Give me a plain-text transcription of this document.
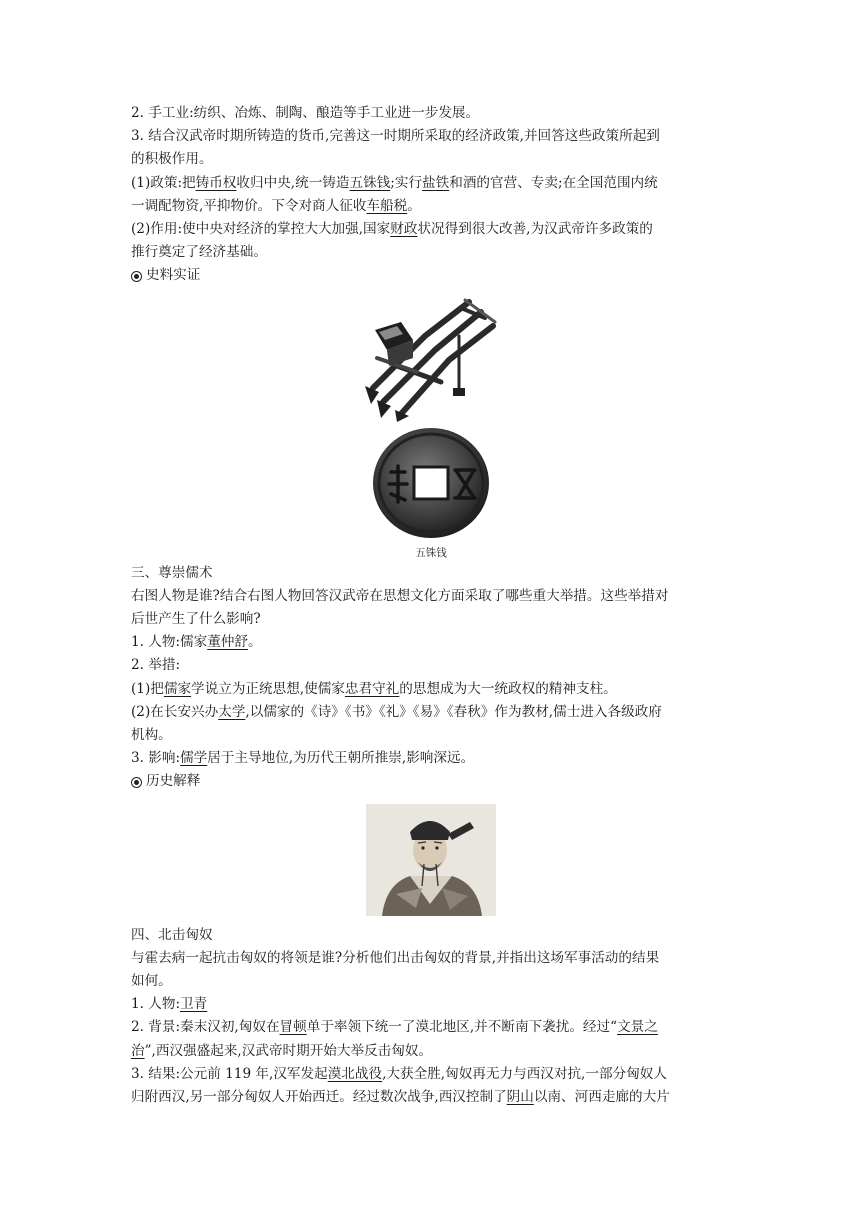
2. 手工业:纺织、冶炼、制陶、酿造等手工业进一步发展。
3. 结合汉武帝时期所铸造的货币,完善这一时期所采取的经济政策,并回答这些政策所起到
的积极作用。
(1)政策:把铸币权收归中央,统一铸造五铢钱;实行盐铁和酒的官营、专卖;在全国范围内统
一调配物资,平抑物价。下令对商人征收车船税。
(2)作用:使中央对经济的掌控大大加强,国家财政状况得到很大改善,为汉武帝许多政策的
推行奠定了经济基础。
史料实证
五铢钱
三、尊崇儒术
右图人物是谁?结合右图人物回答汉武帝在思想文化方面采取了哪些重大举措。这些举措对
后世产生了什么影响?
1. 人物:儒家董仲舒。
2. 举措:
(1)把儒家学说立为正统思想,使儒家忠君守礼的思想成为大一统政权的精神支柱。
(2)在长安兴办太学,以儒家的《诗》《书》《礼》《易》《春秋》作为教材,儒士进入各级政府
机构。
3. 影响:儒学居于主导地位,为历代王朝所推崇,影响深远。
历史解释
四、北击匈奴
与霍去病一起抗击匈奴的将领是谁?分析他们出击匈奴的背景,并指出这场军事活动的结果
如何。
1. 人物:卫青
2. 背景:秦末汉初,匈奴在冒顿单于率领下统一了漠北地区,并不断南下袭扰。经过“文景之
治”,西汉强盛起来,汉武帝时期开始大举反击匈奴。
3. 结果:公元前 119 年,汉军发起漠北战役,大获全胜,匈奴再无力与西汉对抗,一部分匈奴人
归附西汉,另一部分匈奴人开始西迁。经过数次战争,西汉控制了阴山以南、河西走廊的大片
